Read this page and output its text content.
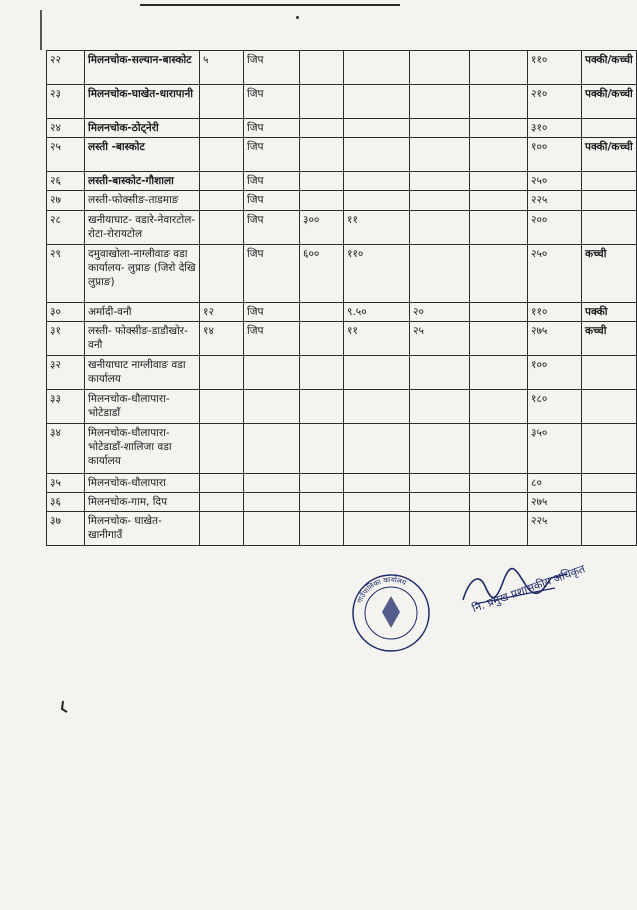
२२	मिलनचोक-सल्यान-बास्कोट	५	जिप					११०	पक्की/कच्ची
२३	मिलनचोक-घाखेत-धारापानी		जिप					२१०	पक्की/कच्ची
२४	मिलनचोक-ठोट्नेरी		जिप					३१०	
२५	लस्ती -बास्कोट		जिप					१००	पक्की/कच्ची
२६	लस्ती-बास्कोट-गौशाला		जिप					२५०	
२७	लस्ती-फोक्सीङ-ताडमाङ		जिप					२२५	
२८	खनीयाघाट- वडारे-नेवारटोल-रोटा-रोरायटोल		जिप	३००	११			२००	
२९	दमुवाखोला-नाग्लीवाङ वडा कार्यालय- लुप्राङ (जिरो देखि लुप्राङ)		जिप	६००	११०			२५०	कच्ची
३०	अर्मादी-वनौ	१२	जिप		९.५०	२०		११०	पक्की
३१	लस्ती- फोक्सीङ-डाडौखोर-वनौ	१४	जिप		११	२५		२७५	कच्ची
३२	खनीयाघाट नाग्लीवाङ वडा कार्यालय							१००	
३३	मिलनचोक-धौलापारा-भोटेडाडाँ							१८०	
३४	मिलनचोक-धौलापारा-भोटेडाडाँ-शालिजा वडा कार्यालय							३५०	
३५	मिलनचोक-धौलापारा							८०	
३६	मिलनचोक-गाम, दिप							२७५	
३७	मिलनचोक- घाखेत-खानीगाउँ							२२५	
गाउँपालिका कार्यालय	नि. प्रमुख प्रशासकीय अधिकृत
